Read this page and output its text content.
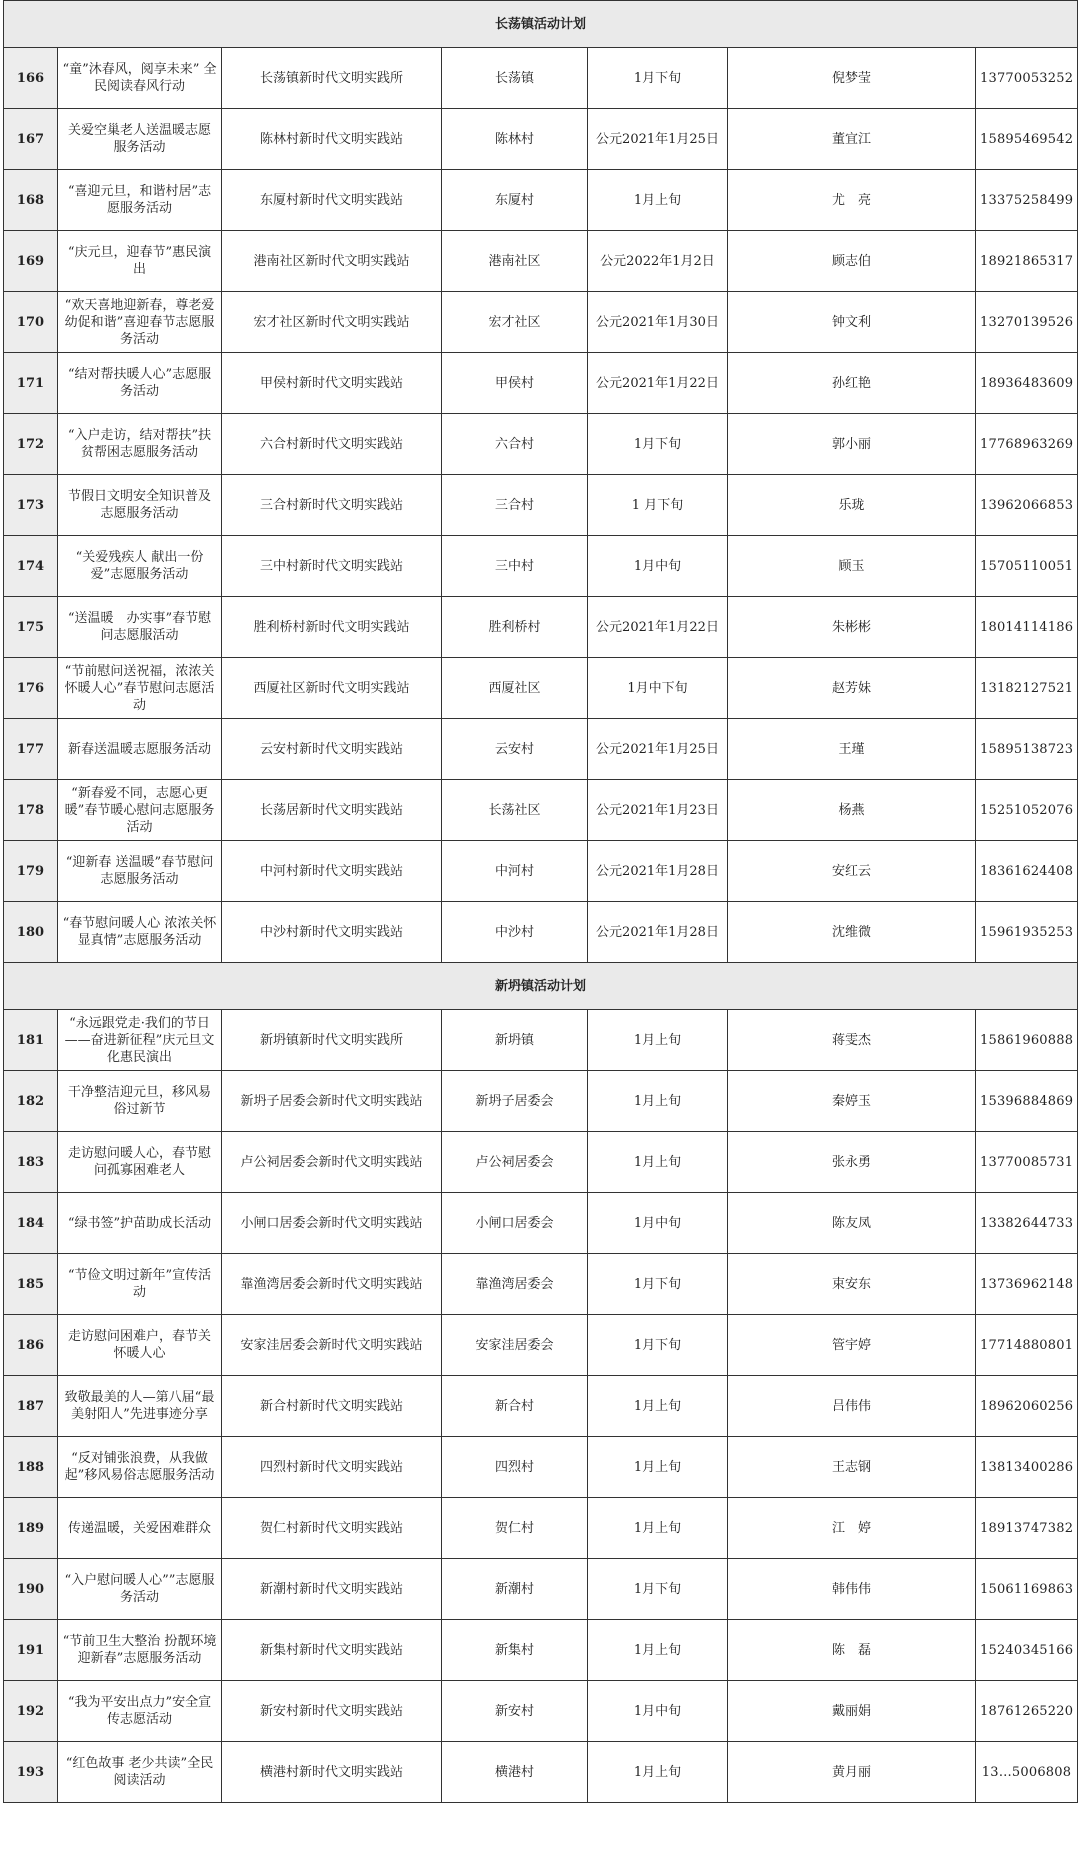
长荡镇活动计划						
166	“童”沐春风，阅享未来” 全民阅读春风行动	长荡镇新时代文明实践所	长荡镇	1月下旬	倪梦莹	13770053252
167	关爱空巢老人送温暖志愿服务活动	陈林村新时代文明实践站	陈林村	公元2021年1月25日	董宜江	15895469542
168	“喜迎元旦，和谐村居”志愿服务活动	东厦村新时代文明实践站	东厦村	1月上旬	尤　亮	13375258499
169	“庆元旦，迎春节”惠民演出	港南社区新时代文明实践站	港南社区	公元2022年1月2日	顾志伯	18921865317
170	“欢天喜地迎新春，尊老爱幼促和谐”喜迎春节志愿服务活动	宏才社区新时代文明实践站	宏才社区	公元2021年1月30日	钟文利	13270139526
171	“结对帮扶暖人心”志愿服务活动	甲侯村新时代文明实践站	甲侯村	公元2021年1月22日	孙红艳	18936483609
172	“入户走访，结对帮扶”扶贫帮困志愿服务活动	六合村新时代文明实践站	六合村	1月下旬	郭小丽	17768963269
173	节假日文明安全知识普及志愿服务活动	三合村新时代文明实践站	三合村	1 月下旬	乐珑	13962066853
174	“关爱残疾人 献出一份爱”志愿服务活动	三中村新时代文明实践站	三中村	1月中旬	顾玉	15705110051
175	“送温暖　办实事”春节慰问志愿服活动	胜利桥村新时代文明实践站	胜利桥村	公元2021年1月22日	朱彬彬	18014114186
176	“节前慰问送祝福，浓浓关怀暖人心”春节慰问志愿活动	西厦社区新时代文明实践站	西厦社区	1月中下旬	赵芳妹	13182127521
177	新春送温暖志愿服务活动	云安村新时代文明实践站	云安村	公元2021年1月25日	王瑾	15895138723
178	“新春爱不同，志愿心更暖”春节暖心慰问志愿服务活动	长荡居新时代文明实践站	长荡社区	公元2021年1月23日	杨燕	15251052076
179	“迎新春 送温暖”春节慰问志愿服务活动	中河村新时代文明实践站	中河村	公元2021年1月28日	安红云	18361624408
180	“春节慰问暖人心 浓浓关怀显真情”志愿服务活动	中沙村新时代文明实践站	中沙村	公元2021年1月28日	沈维微	15961935253
新坍镇活动计划						
181	“永远跟党走·我们的节日——奋进新征程”庆元旦文化惠民演出	新坍镇新时代文明实践所	新坍镇	1月上旬	蒋雯杰	15861960888
182	干净整洁迎元旦，移风易俗过新节	新坍子居委会新时代文明实践站	新坍子居委会	1月上旬	秦婷玉	15396884869
183	走访慰问暖人心，春节慰问孤寡困难老人	卢公祠居委会新时代文明实践站	卢公祠居委会	1月上旬	张永勇	13770085731
184	“绿书签”护苗助成长活动	小闸口居委会新时代文明实践站	小闸口居委会	1月中旬	陈友凤	13382644733
185	“节俭文明过新年”宣传活动	靠渔湾居委会新时代文明实践站	靠渔湾居委会	1月下旬	束安东	13736962148
186	走访慰问困难户，春节关怀暖人心	安家洼居委会新时代文明实践站	安家洼居委会	1月下旬	管宇婷	17714880801
187	致敬最美的人—第八届“最美射阳人”先进事迹分享	新合村新时代文明实践站	新合村	1月上旬	吕伟伟	18962060256
188	“反对铺张浪费，从我做起”移风易俗志愿服务活动	四烈村新时代文明实践站	四烈村	1月上旬	王志钢	13813400286
189	传递温暖，关爱困难群众	贺仁村新时代文明实践站	贺仁村	1月上旬	江　婷	18913747382
190	“入户慰问暖人心””志愿服务活动	新潮村新时代文明实践站	新潮村	1月下旬	韩伟伟	15061169863
191	“节前卫生大整治 扮靓环境迎新春”志愿服务活动	新集村新时代文明实践站	新集村	1月上旬	陈　磊	15240345166
192	“我为平安出点力”安全宣传志愿活动	新安村新时代文明实践站	新安村	1月中旬	戴丽娟	18761265220
193	“红色故事 老少共读”全民阅读活动	横港村新时代文明实践站	横港村	1月上旬	黄月丽	13…5006808
